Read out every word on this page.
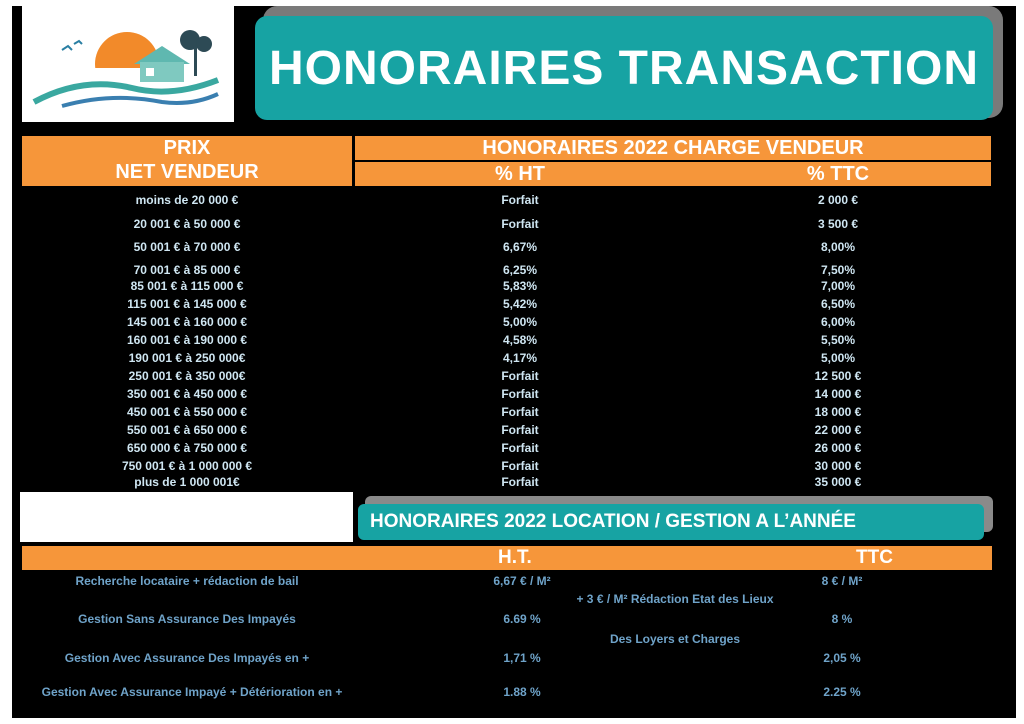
HONORAIRES TRANSACTION
PRIX
NET VENDEUR
HONORAIRES 2022 CHARGE VENDEUR
% HT	% TTC
moins de 20 000 €	Forfait	2 000 €
20 001 € à 50 000 €	Forfait	3 500 €
50 001 € à 70 000 €	6,67%	8,00%
70 001 € à 85 000 €	6,25%	7,50%
85 001 € à 115 000 €	5,83%	7,00%
115 001 € à 145 000 €	5,42%	6,50%
145 001 € à 160 000 €	5,00%	6,00%
160 001 € à 190 000 €	4,58%	5,50%
190 001 € à 250 000€	4,17%	5,00%
250 001 € à 350 000€	Forfait	12 500 €
350 001 € à 450 000 €	Forfait	14 000 €
450 001 € à 550 000 €	Forfait	18 000 €
550 001 € à 650 000 €	Forfait	22 000 €
650 000 € à 750 000 €	Forfait	26 000 €
750 001 € à 1 000 000 €	Forfait	30 000 €
plus de 1 000 001€	Forfait	35 000 €
HONORAIRES 2022 LOCATION / GESTION A L’ANNÉE
H.T.	TTC
Recherche locataire + rédaction de bail	6,67 € / M²	8 € / M²
+ 3 € / M² Rédaction Etat des Lieux
Gestion Sans Assurance Des Impayés	6.69 %	8 %
Des Loyers et Charges
Gestion Avec Assurance Des Impayés en +	1,71 %	2,05 %
Gestion Avec Assurance Impayé + Détérioration en +	1.88 %	2.25 %
